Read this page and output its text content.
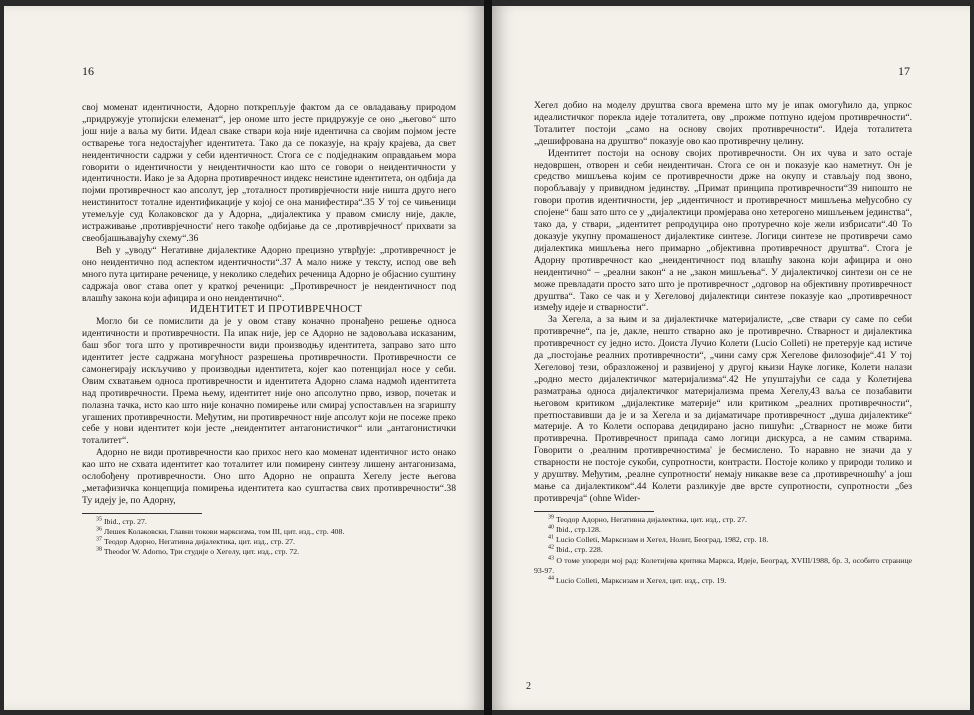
16

свој моменат идентичности, Адорно поткрепљује фактом да се овладавању природом „придружује утопијски елеменат“, јер ономе што јесте придружује се оно „његово“ што још није а ваља му бити. Идеал сваке ствари која није идентична са својим појмом јесте остварење тога недостајућег идентитета. Тако да се показује, на крају крајева, да свет неидентичности садржи у себи идентичност. Стога се с подједнаким оправдањем мора говорити о идентичности у неидентичности као што се говори о неидентичности у идентичности. Иако је за Адорна противречност индекс неистине идентитета, он одбија да појми противречност као апсолут, јер „тоталност противрјечности није ништа друго него неистинитост тоталне идентификације у којој се она манифестира“.35 У тој се чињеници утемељује суд Колаковског да у Адорна, „дијалектика у правом смислу није, дакле, истраживање ,противрјечности' него такође одбијање да се ,противрјечност' прихвати за свеобјашњавајућу схему“.36

Већ у „уводу“ Негативне дијалектике Адорно прецизно утврђује: „противречност је оно неидентично под аспектом идентичности“.37 А мало ниже у тексту, испод ове већ много пута цитиране реченице, у неколико следећих реченица Адорно је објаснио суштину садржаја овог става опет у краткој реченици: „Противречност је неидентичност под влашћу закона који афицира и оно неидентично“.

ИДЕНТИТЕТ И ПРОТИВРЕЧНОСТ

Могло би се помислити да је у овом ставу коначно пронађено решење односа идентичности и противречности. Па ипак није, јер се Адорно не задовољава исказаним, баш због тога што у противречности види производњу идентитета, заправо зато што идентитет јесте садржана могућност разрешења противречности. Противречности се самонегирају искључиво у производњи идентитета, којег као потенцијал носе у себи. Овим схватањем односа противречности и идентитета Адорно слама надмоћ идентитета над противречности. Према њему, идентитет није оно апсолутно прво, извор, почетак и полазна тачка, исто као што није коначно помирење или смирај успостављен на згаришту угашених противречности. Међутим, ни противречност није апсолут који не посеже преко себе у нови идентитет који јесте „неидентитет антагонистичког“ или „антагонистички тоталитет“.

Адорно не види противречности као прихос него као моменат идентичног исто онако као што не схвата идентитет као тоталитет или помирену синтезу лишену антагонизама, ослобођену противречности. Оно што Адорно не опрашта Хегелу јесте његова „метафизичка концепција помирења идентитета као суштаства свих противречности“.38 Ту идеју је, по Адорну,

$^{35}$ Ibid., стр. 27.

$^{36}$ Лешек Колаковски, Главни токови марксизма, том III, цит. изд., стр. 408.

$^{37}$ Теодор Адорно, Негативна дијалектика, цит. изд., стр. 27.

$^{38}$ Theodor W. Adorno, Три студије о Хегелу, цит. изд., стр. 72.

17

Хегел добио на моделу друштва свога времена што му је ипак омогућило да, упркос идеалистичког порекла идеје тоталитета, ову „прожме потпуно идејом противречности“. Тоталитет постоји „само на основу својих противречности“. Идеја тоталитета „дешифрована на друштво“ показује ово као противречну целину.

Идентитет постоји на основу својих противречности. Он их чува и зато остаје недовршен, отворен и себи неидентичан. Стога се он и показује као наметнут. Он је средство мишљења којим се противречности држе на окупу и стављају под звоно, поробљавају у привидном јединству. „Примат принципа противречности“39 нипошто не говори против идентичности, јер „идентичност и противречност мишљења међусобно су спојене“ баш зато што се у „дијалектици промјерава оно хетерогено мишљењем јединства“, тако да, у ствари, „идентитет репродуцира оно протуречно које жели избрисати“.40 То доказује укупну промашеност дијалектике синтезе. Логици синтезе не противречи само дијалектика мишљења него примарно „објективна противречност друштва“. Стога је Адорну противречност као „неидентичност под влашћу закона који афицира и оно неидентично“ – „реални закон“ а не „закон мишљења“. У дијалектичкој синтези он се не може превладати просто зато што је противречност „одговор на објективну противречност друштва“. Тако се чак и у Хегеловој дијалектици синтезе показује као „противречност између идеје и стварности“.

За Хегела, а за њим и за дијалектичке материјалисте, „све ствари су саме по себи противречне“, па је, дакле, нешто стварно ако је противречно. Стварност и дијалектика противречност су једно исто. Доиста Лучио Колети (Lucio Colleti) не претерује кад истиче да „постојање реалних противречности“, „чини саму срж Хегелове филозофије“.41 У тој Хегеловој тези, образложеној и развијеној у другој књизи Науке логике, Колети налази „родно место дијалектичког материјализма“.42 Не упуштајући се сада у Колетијева разматрања односа дијалектичког материјализма према Хегелу,43 ваља се позабавити његовом критиком „дијалектике материје“ или критиком „реалних противречности“, претпоставивши да је и за Хегела и за дијаматичаре противречност „душа дијалектике“ материје. А то Колети оспорава децидирано јасно пишући: „Стварност не може бити противречна. Противречност припада само логици дискурса, а не самим стварима. Говорити о ,реалним противречностима' је бесмислено. То наравно не значи да у стварности не постоје сукоби, супротности, контрасти. Постоје колико у природи толико и у друштву. Међутим, ,реалне супротности' немају никакве везе са ,противречношћу' а још мање са дијалектиком“.44 Колети разликује две врсте супротности, супротности „без противречја“ (ohne Wider-

$^{39}$ Теодор Адорно, Негативна дијалектика, цит. изд., стр. 27.

$^{40}$ Ibid., стр.128.

$^{41}$ Lucio Colleti, Марксизам и Хегел, Нолит, Београд, 1982, стр. 18.

$^{42}$ Ibid., стр. 228.

$^{43}$ О томе упореди мој рад: Колетијева критика Маркса, Идеје, Београд, XVIII/1988, бр. 3, особито странице 93-97.

$^{44}$ Lucio Colleti, Марксизам и Хегел, цит. изд., стр. 19.

2
